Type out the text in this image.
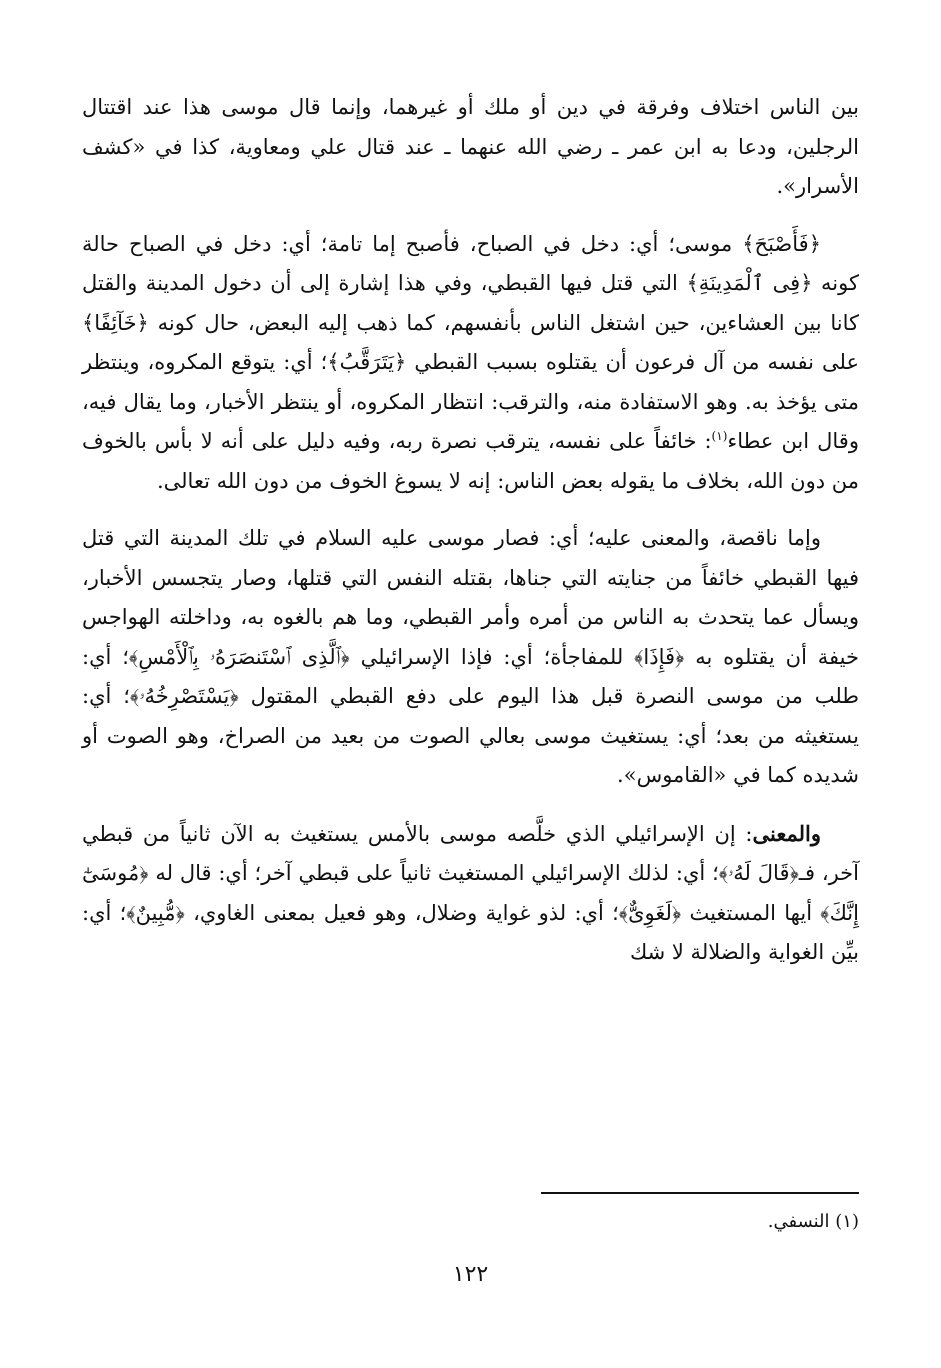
بين الناس اختلاف وفرقة في دين أو ملك أو غيرهما، وإنما قال موسى هذا عند اقتتال الرجلين، ودعا به ابن عمر ـ رضي الله عنهما ـ عند قتال علي ومعاوية، كذا في «كشف الأسرار».

﴿فَأَصْبَحَ﴾ موسى؛ أي: دخل في الصباح، فأصبح إما تامة؛ أي: دخل في الصباح حالة كونه ﴿فِى ٱلْمَدِينَةِ﴾ التي قتل فيها القبطي، وفي هذا إشارة إلى أن دخول المدينة والقتل كانا بين العشاءين، حين اشتغل الناس بأنفسهم، كما ذهب إليه البعض، حال كونه ﴿خَآئِفًا﴾ على نفسه من آل فرعون أن يقتلوه بسبب القبطي ﴿يَتَرَقَّبُ﴾؛ أي: يتوقع المكروه، وينتظر متى يؤخذ به. وهو الاستفادة منه، والترقب: انتظار المكروه، أو ينتظر الأخبار، وما يقال فيه، وقال ابن عطاء$^{(١)}$: خائفاً على نفسه، يترقب نصرة ربه، وفيه دليل على أنه لا بأس بالخوف من دون الله، بخلاف ما يقوله بعض الناس: إنه لا يسوغ الخوف من دون الله تعالى.

وإما ناقصة، والمعنى عليه؛ أي: فصار موسى عليه السلام في تلك المدينة التي قتل فيها القبطي خائفاً من جنايته التي جناها، بقتله النفس التي قتلها، وصار يتجسس الأخبار، ويسأل عما يتحدث به الناس من أمره وأمر القبطي، وما هم بالغوه به، وداخلته الهواجس خيفة أن يقتلوه به ﴿فَإِذَا﴾ للمفاجأة؛ أي: فإذا الإسرائيلي ﴿ٱلَّذِى ٱسْتَنصَرَهُۥ بِٱلْأَمْسِ﴾؛ أي: طلب من موسى النصرة قبل هذا اليوم على دفع القبطي المقتول ﴿يَسْتَصْرِخُهُۥ﴾؛ أي: يستغيثه من بعد؛ أي: يستغيث موسى بعالي الصوت من بعيد من الصراخ، وهو الصوت أو شديده كما في «القاموس».

والمعنى: إن الإسرائيلي الذي خلَّصه موسى بالأمس يستغيث به الآن ثانياً من قبطي آخر، فـ﴿قَالَ لَهُۥ﴾؛ أي: لذلك الإسرائيلي المستغيث ثانياً على قبطي آخر؛ أي: قال له ﴿مُوسَىٰٓ إِنَّكَ﴾ أيها المستغيث ﴿لَغَوِىٌّ﴾؛ أي: لذو غواية وضلال، وهو فعيل بمعنى الغاوي، ﴿مُّبِينٌ﴾؛ أي: بيِّن الغواية والضلالة لا شك

(١) النسفي.
١٢٢
